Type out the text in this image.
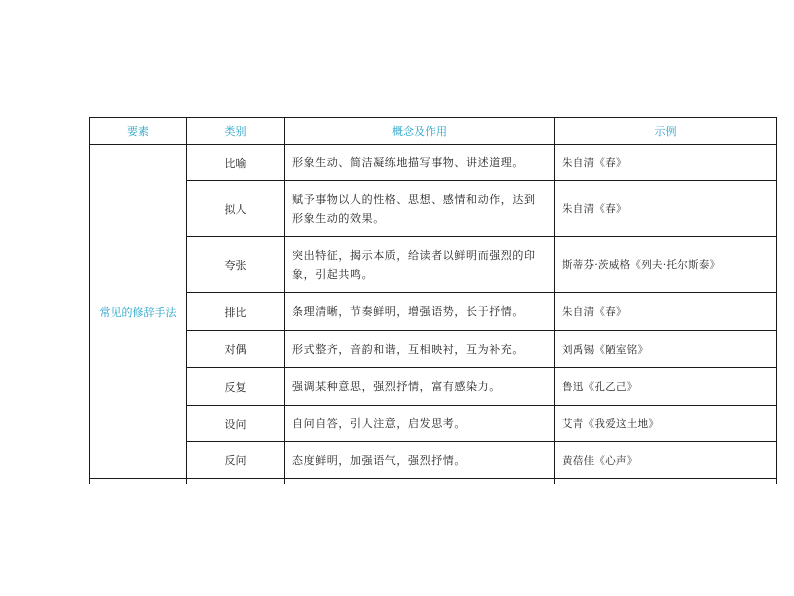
要素	类别	概念及作用	示例
常见的修辞手法	比喻	形象生动、简洁凝练地描写事物、讲述道理。	朱自清《春》
	拟人	赋予事物以人的性格、思想、感情和动作，达到形象生动的效果。	朱自清《春》
	夸张	突出特征，揭示本质，给读者以鲜明而强烈的印象，引起共鸣。	斯蒂芬·茨威格《列夫·托尔斯泰》
	排比	条理清晰，节奏鲜明，增强语势，长于抒情。	朱自清《春》
	对偶	形式整齐，音韵和谐，互相映衬，互为补充。	刘禹锡《陋室铭》
	反复	强调某种意思，强烈抒情，富有感染力。	鲁迅《孔乙己》
	设问	自问自答，引人注意，启发思考。	艾青《我爱这土地》
	反问	态度鲜明，加强语气，强烈抒情。	黄蓓佳《心声》
